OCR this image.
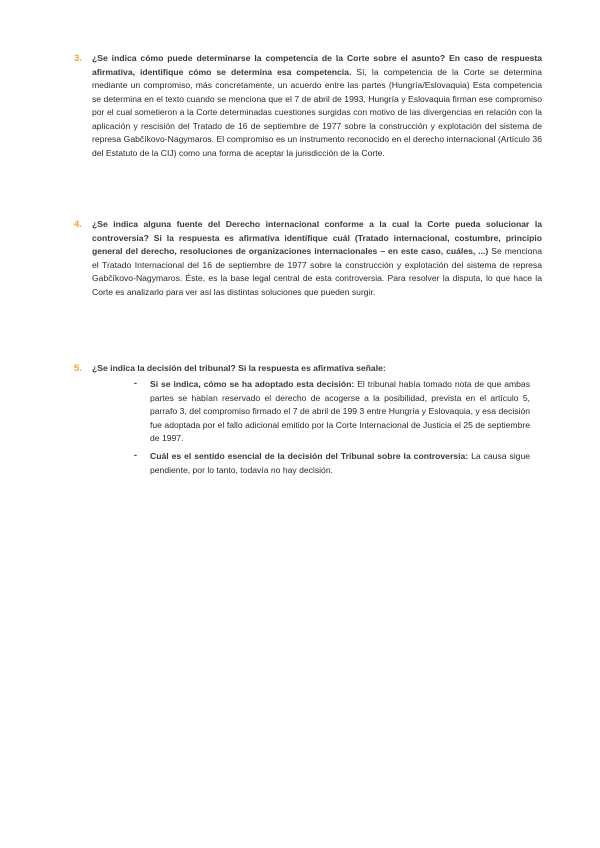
3.	¿Se indica cómo puede determinarse la competencia de la Corte sobre el asunto? En caso de respuesta afirmativa, identifique cómo se determina esa competencia. Sí, la competencia de la Corte se determina mediante un compromiso, más concretamente, un acuerdo entre las partes (Hungría/Eslovaquia) Esta competencia se determina en el texto cuando se menciona que el 7 de abril de 1993, Hungría y Eslovaquia firman ese compromiso por el cual sometieron a la Corte determinadas cuestiones surgidas con motivo de las divergencias en relación con la aplicación y rescisión del Tratado de 16 de septiembre de 1977 sobre la construcción y explotación del sistema de represa Gabčíkovo-Nagymaros. El compromiso es un instrumento reconocido en el derecho internacional (Artículo 36 del Estatuto de la CIJ) como una forma de aceptar la jurisdicción de la Corte.
4.	¿Se indica alguna fuente del Derecho internacional conforme a la cual la Corte pueda solucionar la controversia? Si la respuesta es afirmativa identifique cuál (Tratado internacional, costumbre, principio general del derecho, resoluciones de organizaciones internacionales – en este caso, cuáles, ...) Se menciona el Tratado Internacional del 16 de septiembre de 1977 sobre la construcción y explotación del sistema de represa Gabčíkovo-Nagymaros. Éste, es la base legal central de esta controversia. Para resolver la disputa, lo que hace la Corte es analizarlo para ver así las distintas soluciones que pueden surgir.
5.	¿Se indica la decisión del tribunal? Si la respuesta es afirmativa señale:
- Si se indica, cómo se ha adoptado esta decisión: El tribunal había tomado nota de que ambas partes se habían reservado el derecho de acogerse a la posibilidad, prevista en el artículo 5, parrafo 3, del compromiso firmado el 7 de abril de 199 3 entre Hungría y Eslovaquia, y esa decisión fue adoptada por el fallo adicional emitido por la Corte Internacional de Justicia el 25 de septiembre de 1997.
- Cuál es el sentido esencial de la decisión del Tribunal sobre la controversia: La causa sigue pendiente, por lo tanto, todavía no hay decisión.
